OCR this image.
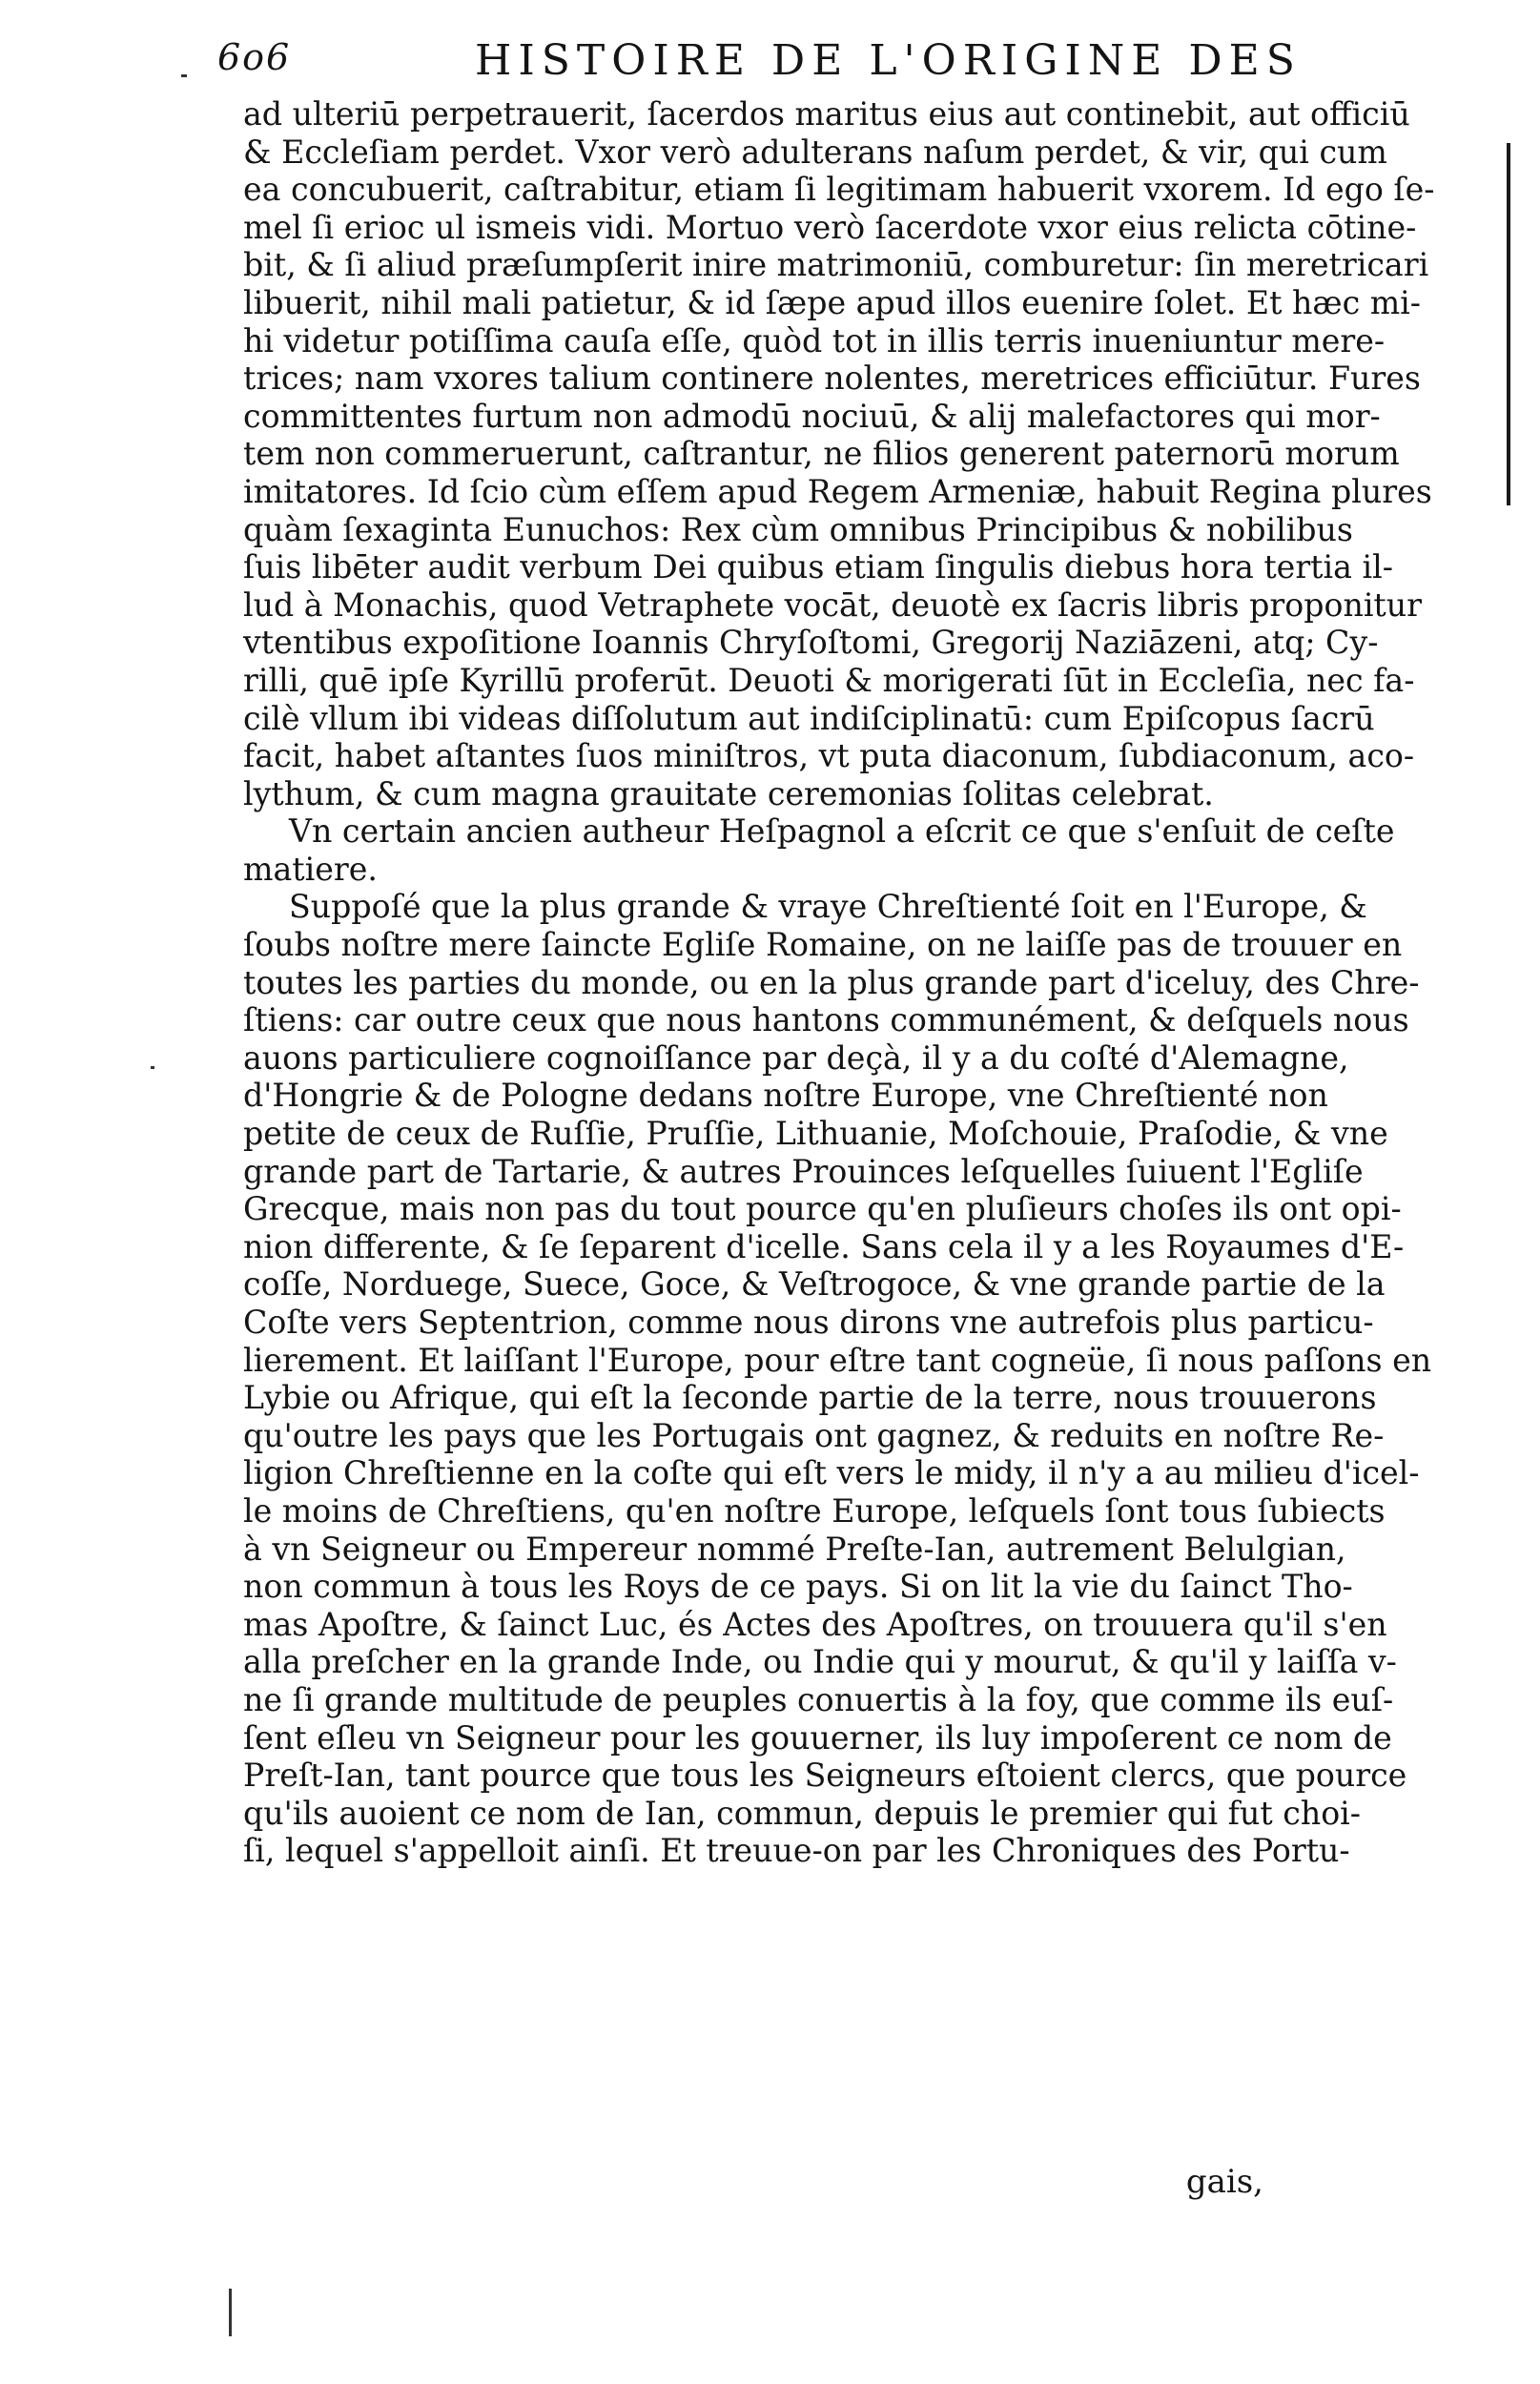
6o6	HISTOIRE DE L'ORIGINE DES

ad ulteriū perpetrauerit, ſacerdos maritus eius aut continebit, aut officiū
& Eccleſiam perdet. Vxor verò adulterans naſum perdet, & vir, qui cum
ea concubuerit, caſtrabitur, etiam ſi legitimam habuerit vxorem. Id ego ſe-
mel ſi erioc ul ismeis vidi. Mortuo verò ſacerdote vxor eius relicta cōtine-
bit, & ſi aliud præſumpſerit inire matrimoniū, comburetur: ſin meretricari
libuerit, nihil mali patietur, & id ſæpe apud illos euenire ſolet. Et hæc mi-
hi videtur potiſſima cauſa eſſe, quòd tot in illis terris inueniuntur mere-
trices; nam vxores talium continere nolentes, meretrices efficiūtur. Fures
committentes furtum non admodū nociuū, & alij malefactores qui mor-
tem non commeruerunt, caſtrantur, ne filios generent paternorū morum
imitatores. Id ſcio cùm eſſem apud Regem Armeniæ, habuit Regina plures
quàm ſexaginta Eunuchos: Rex cùm omnibus Principibus & nobilibus
ſuis libēter audit verbum Dei quibus etiam ſingulis diebus hora tertia il-
lud à Monachis, quod Vetraphete vocāt, deuotè ex ſacris libris proponitur
vtentibus expoſitione Ioannis Chryſoſtomi, Gregorij Naziāzeni, atq; Cy-
rilli, quē ipſe Kyrillū proferūt. Deuoti & morigerati ſūt in Eccleſia, nec fa-
cilè vllum ibi videas diſſolutum aut indiſciplinatū: cum Epiſcopus ſacrū
facit, habet aſtantes ſuos miniſtros, vt puta diaconum, ſubdiaconum, aco-
lythum, & cum magna grauitate ceremonias ſolitas celebrat.

Vn certain ancien autheur Heſpagnol a eſcrit ce que s'enſuit de ceſte
matiere.

Suppoſé que la plus grande & vraye Chreſtienté ſoit en l'Europe, &
ſoubs noſtre mere ſaincte Egliſe Romaine, on ne laiſſe pas de trouuer en
toutes les parties du monde, ou en la plus grande part d'iceluy, des Chre-
ſtiens: car outre ceux que nous hantons communément, & deſquels nous
auons particuliere cognoiſſance par deçà, il y a du coſté d'Alemagne,
d'Hongrie & de Pologne dedans noſtre Europe, vne Chreſtienté non
petite de ceux de Ruſſie, Pruſſie, Lithuanie, Moſchouie, Praſodie, & vne
grande part de Tartarie, & autres Prouinces leſquelles ſuiuent l'Egliſe
Grecque, mais non pas du tout pource qu'en pluſieurs choſes ils ont opi-
nion differente, & ſe ſeparent d'icelle. Sans cela il y a les Royaumes d'E-
coſſe, Norduege, Suece, Goce, & Veſtrogoce, & vne grande partie de la
Coſte vers Septentrion, comme nous dirons vne autrefois plus particu-
lierement. Et laiſſant l'Europe, pour eſtre tant cogneüe, ſi nous paſſons en
Lybie ou Afrique, qui eſt la ſeconde partie de la terre, nous trouuerons
qu'outre les pays que les Portugais ont gagnez, & reduits en noſtre Re-
ligion Chreſtienne en la coſte qui eſt vers le midy, il n'y a au milieu d'icel-
le moins de Chreſtiens, qu'en noſtre Europe, leſquels ſont tous ſubiects
à vn Seigneur ou Empereur nommé Preſte-Ian, autrement Belulgian,
non commun à tous les Roys de ce pays. Si on lit la vie du ſainct Tho-
mas Apoſtre, & ſainct Luc, és Actes des Apoſtres, on trouuera qu'il s'en
alla preſcher en la grande Inde, ou Indie qui y mourut, & qu'il y laiſſa v-
ne ſi grande multitude de peuples conuertis à la foy, que comme ils euſ-
ſent eſleu vn Seigneur pour les gouuerner, ils luy impoſerent ce nom de
Preſt-Ian, tant pource que tous les Seigneurs eſtoient clercs, que pource
qu'ils auoient ce nom de Ian, commun, depuis le premier qui fut choi-
ſi, lequel s'appelloit ainſi. Et treuue-on par les Chroniques des Portu-

gais,
